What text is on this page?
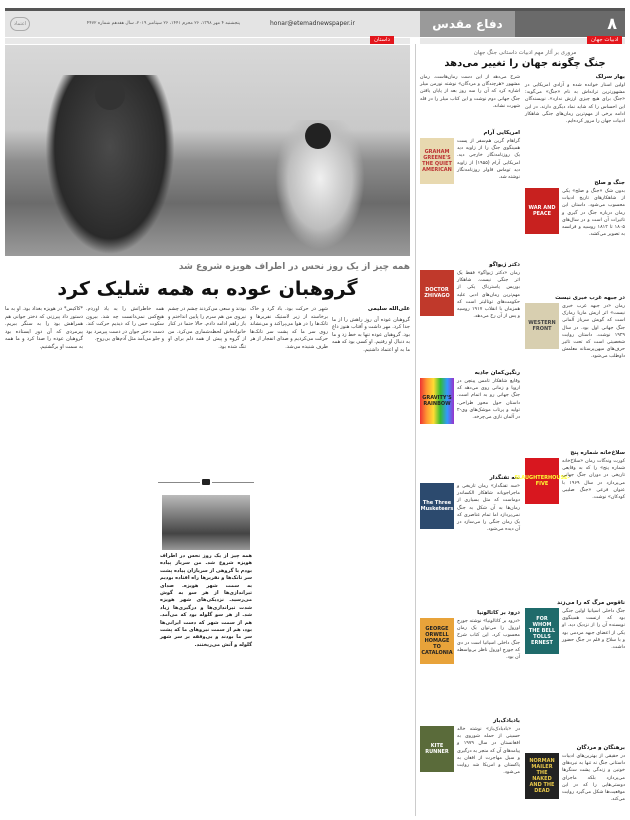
۸
دفاع مقدس
honar@etemadnewspaper.ir
پنجشنبه ۴ مهر ۱۳۹۸، ۲۶ محرم ۱۴۴۱، ۲۶ سپتامبر ۲۰۱۹، سال هفدهم شماره ۴۴۷۲
اعتماد
داستان	ادبیات جهان
همه چیز از یک روز نحس در اطراف هویزه شروع شد
گروهبان عوده به همه شلیک کرد
علی‌الله سلیمی
گروهبان عوده آن روز راهش را از ما جدا کرد. مهر داشت و آفتاب هنوز داغ بود. گروهبان عوده تنها به خط زد و ما به دنبال او رفتیم. او کسی بود که همه ما به او اعتماد داشتیم.
شهر در حرکت بود. باد گرد و خاک برخاسته از زیر لاستیک نفربرها و تانک‌ها را در هوا می‌پراکند و می‌نشاند روی سر ما که پشت سر تانک‌ها حرکت می‌کردیم و صدای انفجار از هر طرف شنیده می‌شد.
بودند و سعی می‌کردند چشم در چشم نیروی من هم سرم را پایین انداختم و باز راهم ادامه دادم. حالا حتما در کنار خانواده‌اش لحظه‌شماری می‌کرد. من از گروه و پیش از همه دلم برای او تنگ شده بود.
همه خاطراتش را به یاد آوردم. هیچ‌کس نمی‌دانست چه شد. بیرون سکوت حس را که دیدیم حرکت کند. دست دختر جوان در دست پیرمرد بود و جلو می‌آمد مثل آدم‌های بی‌روح.
*کاکیس* در هویزه بغداد بود. او به ما دستور داد پیرزنی که دختر جوانی هم همراهش بود را به سنگر ببریم. پیرمردی که آن دور ایستاده بود گروهبان عوده را صدا کرد و ما همه به سمت او برگشتیم.
همه چیز از یک روز نحس در اطراف هویزه شروع شد. من سرباز پیاده بودم با گروهی از سربازان پیاده پشت سر تانک‌ها و نفربرها راه افتاده بودیم به سمت شهر هویزه. صدای تیراندازی‌ها از هر سو به گوش می‌رسید. نزدیکی‌های شهر هویزه شدت تیراندازی‌ها و درگیری‌ها زیاد شد. از هر سو گلوله بود که می‌آمد. هم از سمت شهر که دست ایرانی‌ها بود، هم از سمت نیروهای ما که پشت سر ما بودند و بی‌وقفه بر سر شهر گلوله و آتش می‌ریختند.
مروری بر آثار مهم ادبیات داستانی جنگ جهان
جنگ چگونه جهان را تغییر می‌دهد
بهار سرلک

اولین اسنار خوانده شده و آزادی امریکایی در مشهورترین ترانه‌اش به نام «جنگ» می‌گوید: «جنگ برای هیچ چیزی ارزش ندارد». نویسندگان این احساس را که شاید نماد دیگری دارند. در این ادامه برخی از مهم‌ترین رمان‌های جنگی شاهکار ادبیات جهان را مرور کرده‌ایم.

شرح می‌دهد از این دست رمان‌هاست. رمان مشهور «هرچندگان و مردگان» نوشته نورمن میلر اشاره کرد که آن را سه روز بعد از پایان یافتن جنگ جهانی دوم نوشت و این کتاب میلر را در قله شهرت نشاند.

امریکایی آرام
GRAHAM GREENE'S THE QUIET AMERICAN

گراهام گرین هم‌سفر از پست همینگوی جنگ را از زاویه دید یک روزنامه‌نگار خارجی دید. امریکایی آرام (۱۹۵۵) از زاویه دید توماس فاولر روزنامه‌نگار نوشته شد.

دکتر ژیواگو
DOCTOR ZHIVAGO

رمان «دکتر ژیواگو» فقط یک اثر جنگی نیست. شاهکار بوریس پاسترناک یکی از مهم‌ترین رمان‌های ادبی علیه حکومت‌های توتالیتر است که همزمان با انقلاب ۱۹۱۷ روسیه و پس از آن رخ می‌دهد.

رنگین‌کمان جاذبه
GRAVITY'S RAINBOW

وقایع شاهکار تامس پینچن در اروپا و زمانی روی می‌دهد که جنگ جهانی رو به اتمام است. داستان حول محور طراحی، تولید و پرتاب موشک‌های وی-۲ در آلمان نازی می‌چرخد.

سه تفنگدار
The Three Musketeers

«سه تفنگدار» رمان تاریخی و ماجراجویانه شاهکار الکساندر دوماست که مثل بسیاری از رمان‌ها به آن شکل به جنگ نمی‌پردازد اما تمام عناصری که یک رمان جنگی را می‌سازد در آن دیده می‌شود.

درود بر کاتالونیا
GEORGE ORWELL HOMAGE TO CATALONIA

«درود بر کاتالونیا» نوشته جورج اورول را می‌توان یک رمان محسوب کرد. این کتاب شرح جنگ داخلی اسپانیا است در دی که جورج اورول ناظر بی‌واسطه آن بود.

بادبادک‌باز
KITE RUNNER

در «بادبادک‌باز» نوشته خالد حسینی از حمله شوروی به افغانستان در سال ۱۹۷۹ و پیامدهای آن که منجر به درگیری و سیل مهاجرت از افغان به پاکستان و امریکا شد روایت می‌شود.

جنگ و صلح
WAR AND PEACE

بدون شک «جنگ و صلح» یکی از شاهکارهای تاریخ ادبیات محسوب می‌شود. داستان این رمان درباره جنگ در گیری و تاثیرات آن است و در سال‌های ۱۸۰۵ تا ۱۸۱۲ روسیه و فرانسه به تصویر می‌کشد.

در جبهه غرب خبری نیست
WESTERN FRONT

رمان «در جبهه غرب خبری نیست» اثر اریش ماریا رمارک است که گویش سرباز آلمانی جنگ جهانی اول بود. در سال ۱۹۲۹ نوشت. داستان روایت شخصیتی است که تحت تاثیر حرف‌های میهن‌پرستانه معلمش داوطلب می‌شود.

سلاخ‌خانه شماره پنج
SLAUGHTERHOUSE-FIVE

کورت ونه‌گات رمان «سلاخ‌خانه شماره پنج» را که به وقایعی تاریخی در دوران جنگ جهانی می‌پردازد در سال ۱۹۶۹ با عنوان فرعی «جنگ صلیبی کودکان» نوشت.

ناقوس مرگ که را می‌زند
FOR WHOM THE BELL TOLLS ERNEST

جنگ داخلی اسپانیا اولین جنگی بود که ارنست همینگوی نویسنده آن را از نزدیک دید. او یکی از اعضای جبهه مردمی بود و با سلاح و قلم در جنگ حضور داشت.

برهنگان و مردگان
NORMAN MAILER THE NAKED AND THE DEAD

در حقیقی از بهترین‌های ادبیات داستانی جنگ نه تنها به نبردهای خونین و زندگی پشت سنگرها می‌پردازد بلکه ماجرای دوستی‌هایی را که در این موقعیت‌ها شکل می‌گیرد روایت می‌کند.
